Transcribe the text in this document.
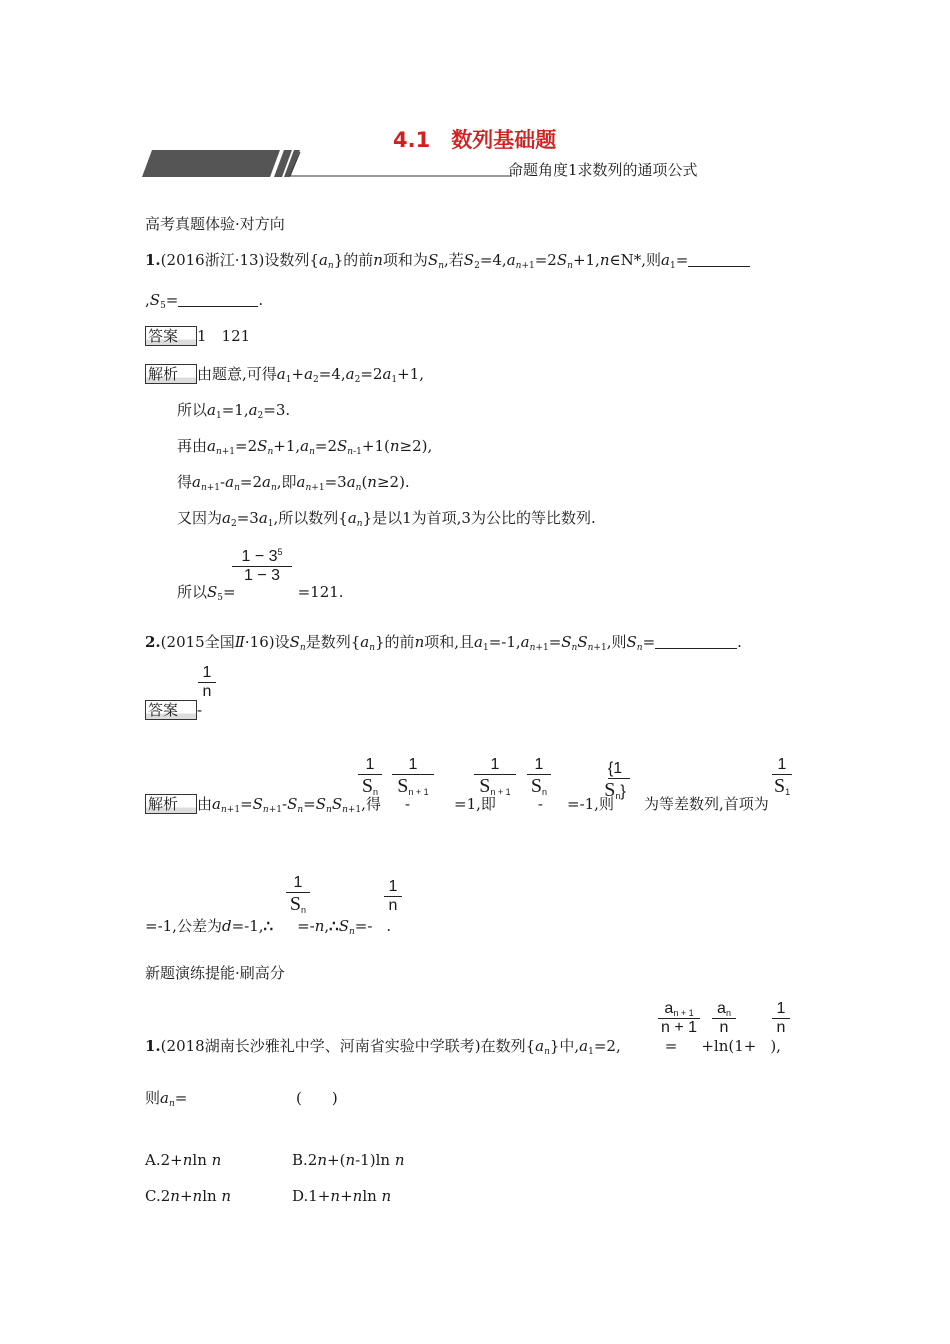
4.1　数列基础题
命题角度1求数列的通项公式
高考真题体验·对方向
1.(2016浙江·13)设数列$\{a_n\}$的前n项和为$S_n$,若$S_2=4,a_{n+1}=2S_n+1,n\in N*$,则$a_1=$
$,S_5=$	.
答案 1　121
解析 由题意,可得$a_1+a_2=4,a_2=2a_1+1$,
所以$a_1=1,a_2=3$.
再由$a_{n+1}=2S_n+1,a_n=2S_{n-1}+1(n\ge 2)$,
得$a_{n+1}-a_n=2a_n$,即$a_{n+1}=3a_n(n\ge 2)$.
又因为$a_2=3a_1$,所以数列$\{a_n\}$是以1为首项,3为公比的等比数列.
$\frac{1 - 3^5}{1 - 3}$
所以$S_5=$	=121.
2.(2015全国Ⅱ·16)设$S_n$是数列$\{a_n\}$的前n项和,且$a_1=-1,a_{n+1}=S_nS_{n+1}$,则$S_n=$	.
1
n
答案 -
$\frac{1}{S_n} \frac{1}{S_{n + 1}}$	$\frac{1}{S_{n + 1}} \frac{1}{S_n}$	{1
$S_n$}	$\frac{1}{S_1}$
解析 由$a_{n+1}=S_{n+1}-S_n=S_nS_{n+1}$,得 -	=1,即	- =-1,则 为等差数列,首项为
$\frac{1}{S_n}$	$\frac{1}{n}$
=-1,公差为d=-1,∴ $=-n,\therefore S_n=-$ .
新题演练提能·刷高分
$\frac{a_{n + 1}}{n + 1} \frac{a_n}{n} \frac{1}{n}$
1.(2018湖南长沙雅礼中学、河南省实验中学联考)在数列$\{a_n\}$中$,a_1=2$,	= +ln(1+ ),
则$a_n=$	(　　)
A.2+nln n	B.2n+(n-1)ln n
C.2n+nln n	D.1+n+nln n
